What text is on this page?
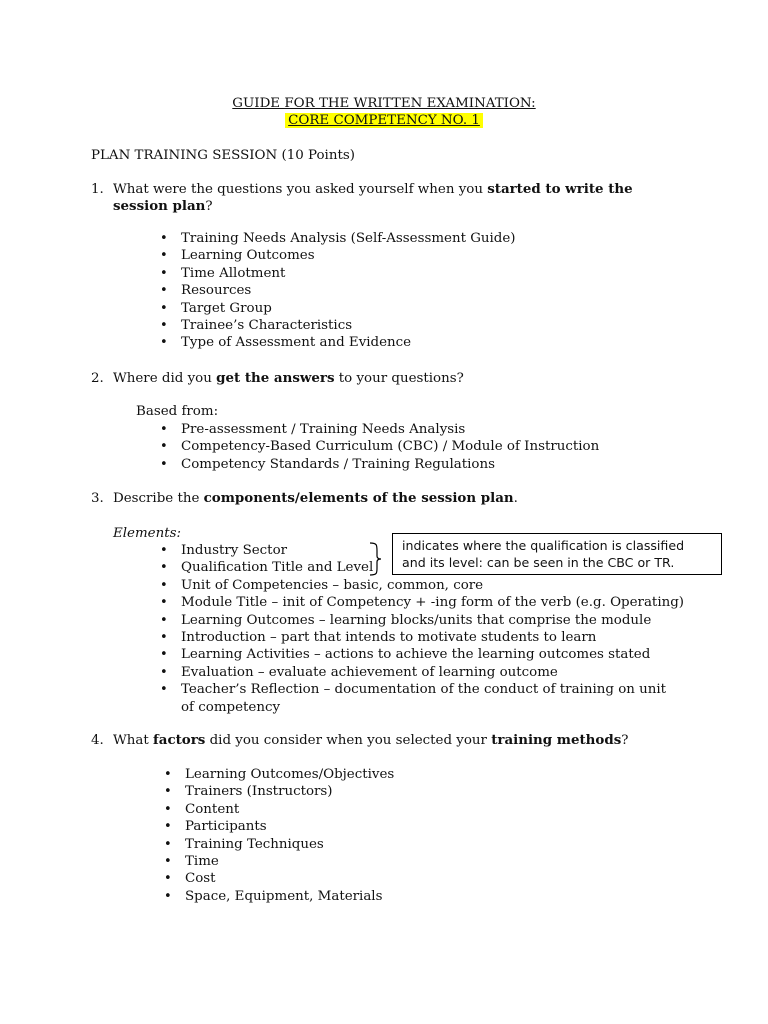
GUIDE FOR THE WRITTEN EXAMINATION:
CORE COMPETENCY NO. 1
PLAN TRAINING SESSION (10 Points)
1. What were the questions you asked yourself when you started to write the session plan?
• Training Needs Analysis (Self-Assessment Guide)
• Learning Outcomes
• Time Allotment
• Resources
• Target Group
• Trainee’s Characteristics
• Type of Assessment and Evidence
2. Where did you get the answers to your questions?
Based from:
• Pre-assessment / Training Needs Analysis
• Competency-Based Curriculum (CBC) / Module of Instruction
• Competency Standards / Training Regulations
3. Describe the components/elements of the session plan.
Elements:
• Industry Sector
• Qualification Title and Level
• Unit of Competencies – basic, common, core
• Module Title – init of Competency + -ing form of the verb (e.g. Operating)
• Learning Outcomes – learning blocks/units that comprise the module
• Introduction – part that intends to motivate students to learn
• Learning Activities – actions to achieve the learning outcomes stated
• Evaluation – evaluate achievement of learning outcome
• Teacher’s Reflection – documentation of the conduct of training on unit of competency
indicates where the qualification is classified
and its level: can be seen in the CBC or TR.
4. What factors did you consider when you selected your training methods?
• Learning Outcomes/Objectives
• Trainers (Instructors)
• Content
• Participants
• Training Techniques
• Time
• Cost
• Space, Equipment, Materials
